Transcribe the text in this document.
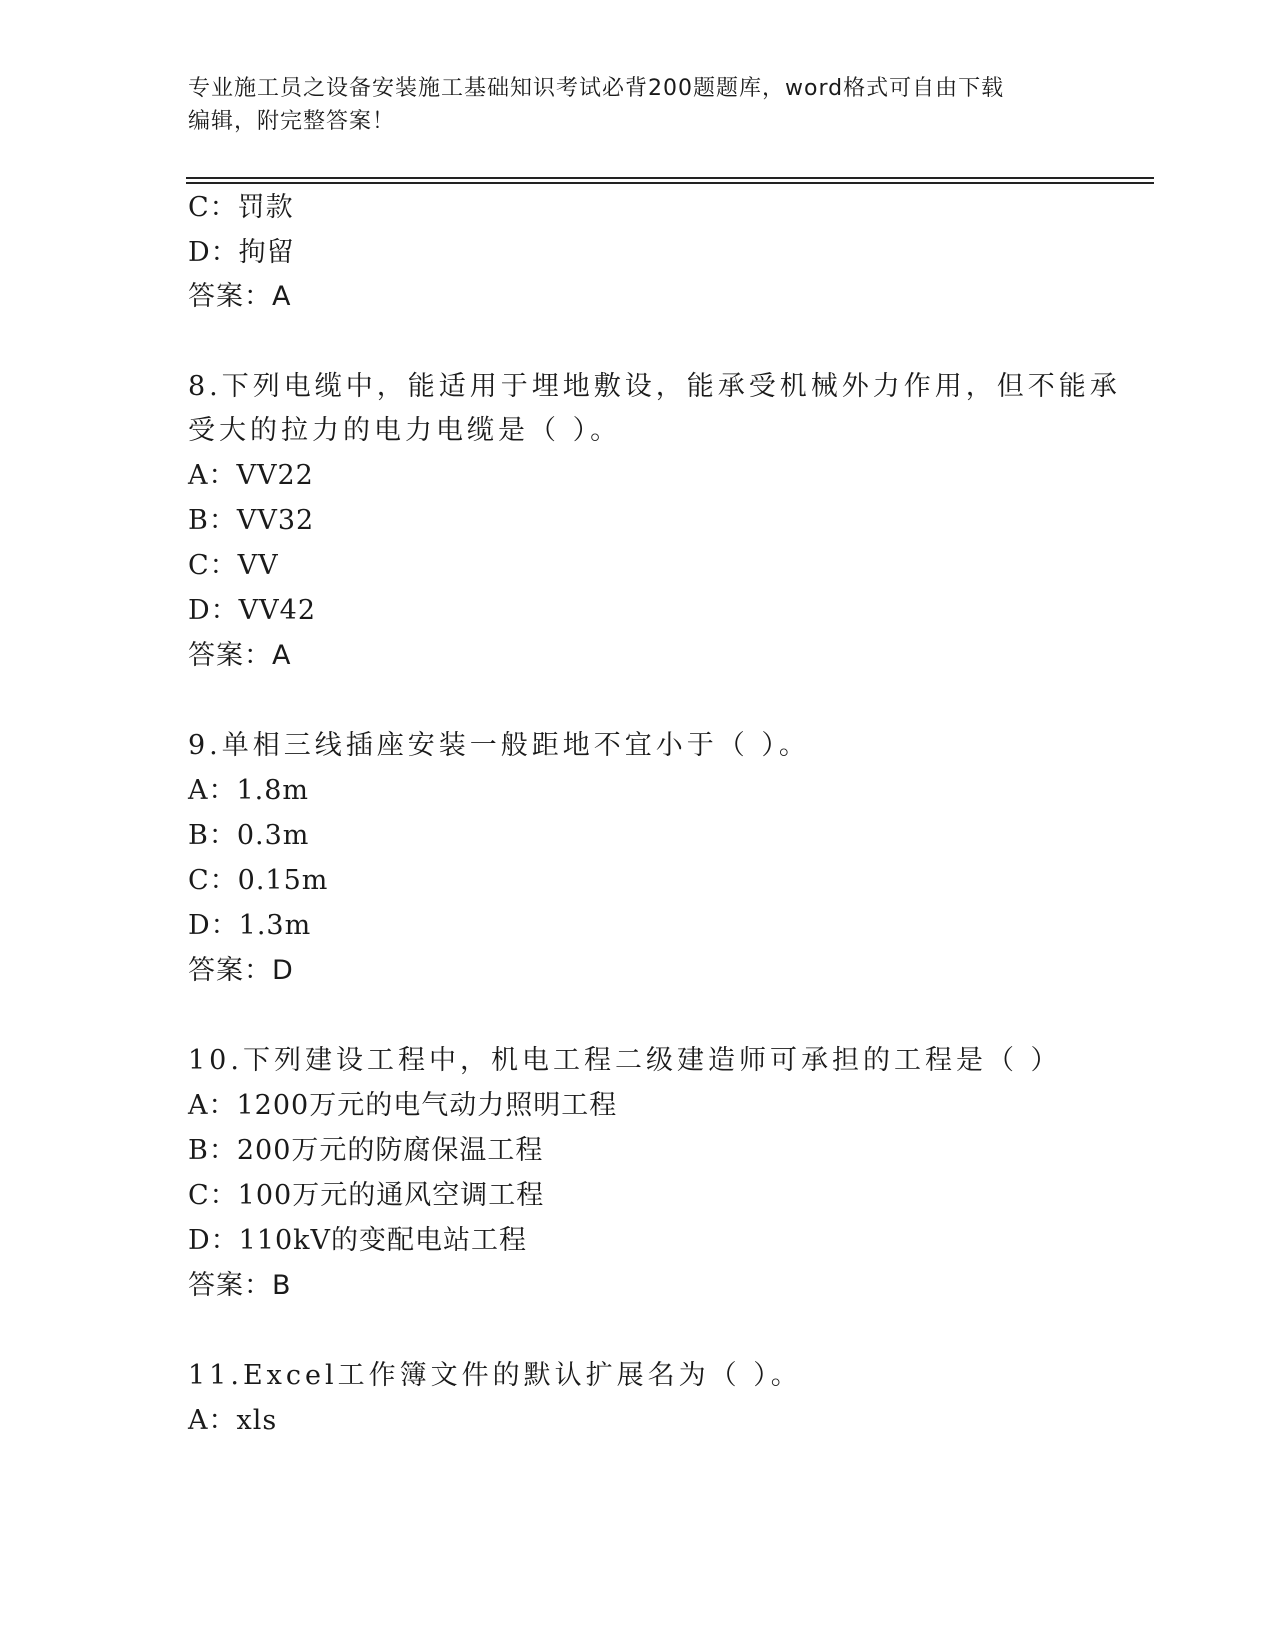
专业施工员之设备安装施工基础知识考试必背200题题库，word格式可自由下载
编辑，附完整答案！
C：罚款
D：拘留
答案：A
8.下列电缆中，能适用于埋地敷设，能承受机械外力作用，但不能承
受大的拉力的电力电缆是（ ）。
A：VV22
B：VV32
C：VV
D：VV42
答案：A
9.单相三线插座安装一般距地不宜小于（ ）。
A：1.8m
B：0.3m
C：0.15m
D：1.3m
答案：D
10.下列建设工程中，机电工程二级建造师可承担的工程是（ ）
A：1200万元的电气动力照明工程
B：200万元的防腐保温工程
C：100万元的通风空调工程
D：110kV的变配电站工程
答案：B
11.Excel工作簿文件的默认扩展名为（ ）。
A：xls
